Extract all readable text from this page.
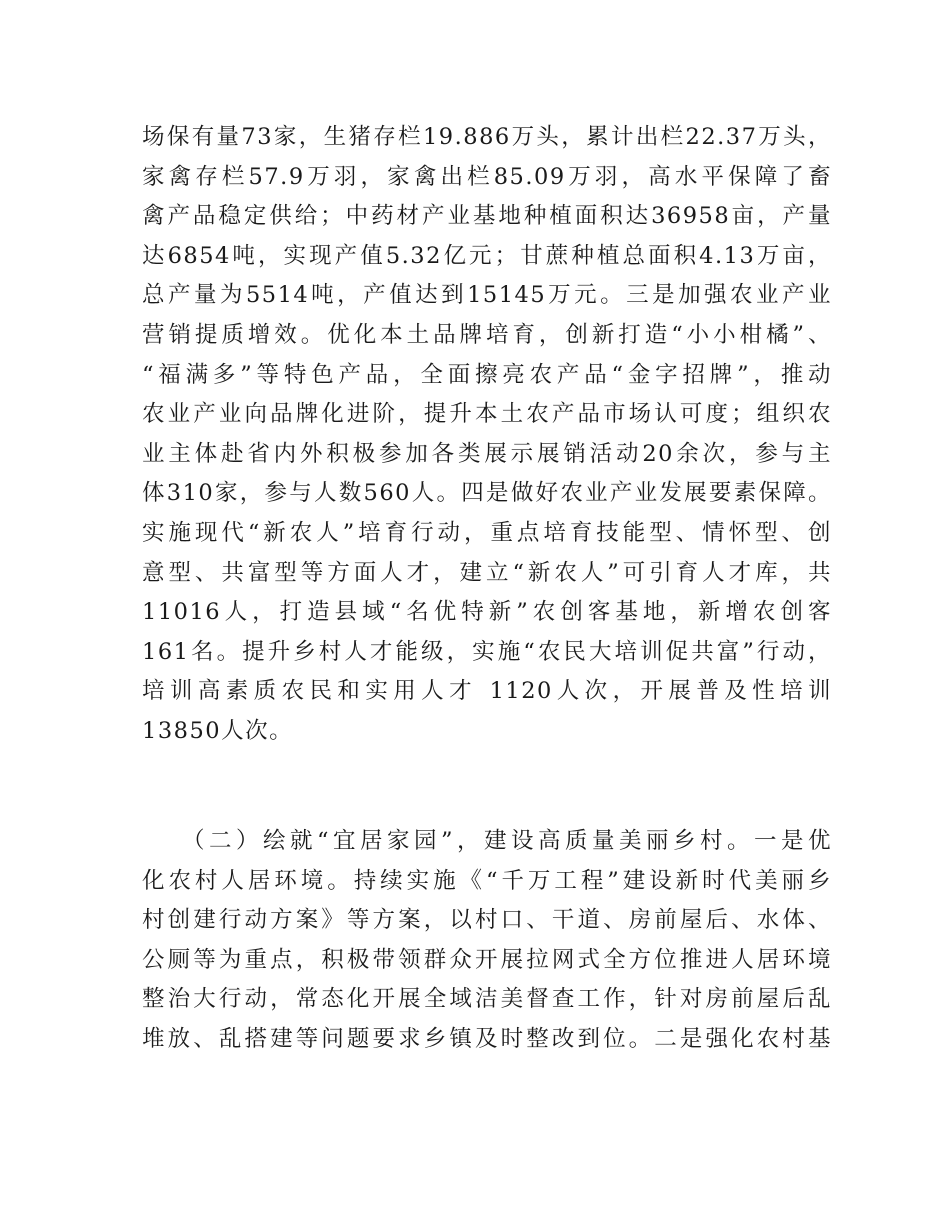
场保有量73家，生猪存栏19.886万头，累计出栏22.37万头，
家禽存栏57.9万羽，家禽出栏85.09万羽，高水平保障了畜
禽产品稳定供给；中药材产业基地种植面积达36958亩，产量
达6854吨，实现产值5.32亿元；甘蔗种植总面积4.13万亩，
总产量为5514吨，产值达到15145万元。三是加强农业产业
营销提质增效。优化本土品牌培育，创新打造“小小柑橘”、
“福满多”等特色产品，全面擦亮农产品“金字招牌”，推动
农业产业向品牌化进阶，提升本土农产品市场认可度；组织农
业主体赴省内外积极参加各类展示展销活动20余次，参与主
体310家，参与人数560人。四是做好农业产业发展要素保障。
实施现代“新农人”培育行动，重点培育技能型、情怀型、创
意型、共富型等方面人才，建立“新农人”可引育人才库，共
11016人，打造县域“名优特新”农创客基地，新增农创客
161名。提升乡村人才能级，实施“农民大培训促共富”行动，
培训高素质农民和实用人才 1120人次，开展普及性培训
13850人次。
（二）绘就“宜居家园”，建设高质量美丽乡村。一是优
化农村人居环境。持续实施《“千万工程”建设新时代美丽乡
村创建行动方案》等方案，以村口、干道、房前屋后、水体、
公厕等为重点，积极带领群众开展拉网式全方位推进人居环境
整治大行动，常态化开展全域洁美督查工作，针对房前屋后乱
堆放、乱搭建等问题要求乡镇及时整改到位。二是强化农村基
